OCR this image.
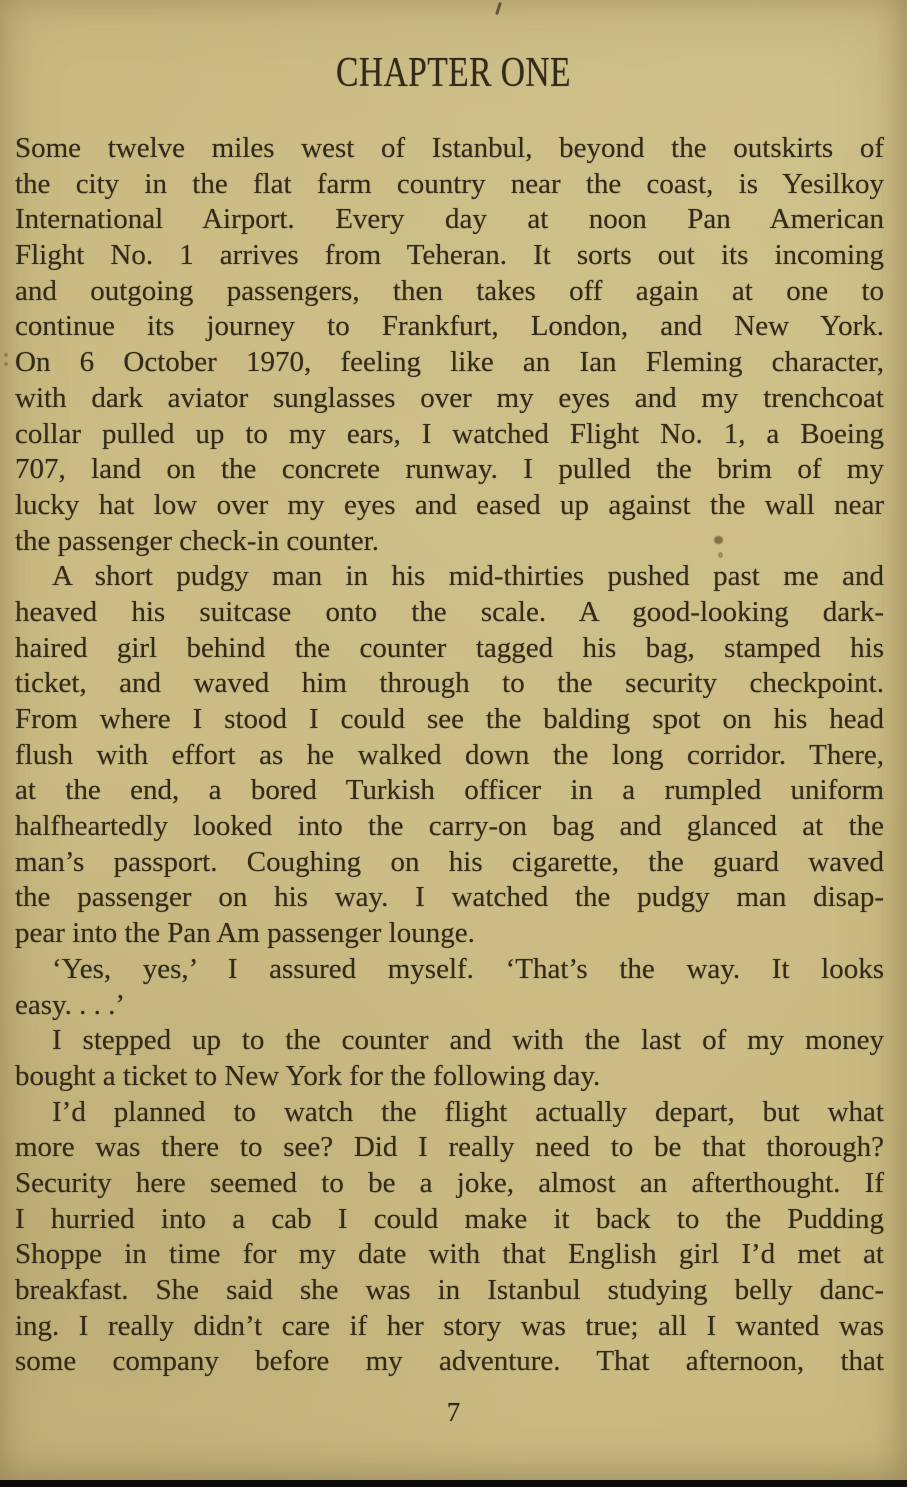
CHAPTER ONE
Some twelve miles west of Istanbul, beyond the outskirts of
the city in the flat farm country near the coast, is Yesilkoy
International Airport. Every day at noon Pan American
Flight No. 1 arrives from Teheran. It sorts out its incoming
and outgoing passengers, then takes off again at one to
continue its journey to Frankfurt, London, and New York.
On 6 October 1970, feeling like an Ian Fleming character,
with dark aviator sunglasses over my eyes and my trenchcoat
collar pulled up to my ears, I watched Flight No. 1, a Boeing
707, land on the concrete runway. I pulled the brim of my
lucky hat low over my eyes and eased up against the wall near
the passenger check-in counter.
A short pudgy man in his mid-thirties pushed past me and
heaved his suitcase onto the scale. A good-looking dark-
haired girl behind the counter tagged his bag, stamped his
ticket, and waved him through to the security checkpoint.
From where I stood I could see the balding spot on his head
flush with effort as he walked down the long corridor. There,
at the end, a bored Turkish officer in a rumpled uniform
halfheartedly looked into the carry-on bag and glanced at the
man’s passport. Coughing on his cigarette, the guard waved
the passenger on his way. I watched the pudgy man disap-
pear into the Pan Am passenger lounge.
‘Yes, yes,’ I assured myself. ‘That’s the way. It looks
easy. . . .’
I stepped up to the counter and with the last of my money
bought a ticket to New York for the following day.
I’d planned to watch the flight actually depart, but what
more was there to see? Did I really need to be that thorough?
Security here seemed to be a joke, almost an afterthought. If
I hurried into a cab I could make it back to the Pudding
Shoppe in time for my date with that English girl I’d met at
breakfast. She said she was in Istanbul studying belly danc-
ing. I really didn’t care if her story was true; all I wanted was
some company before my adventure. That afternoon, that
7
